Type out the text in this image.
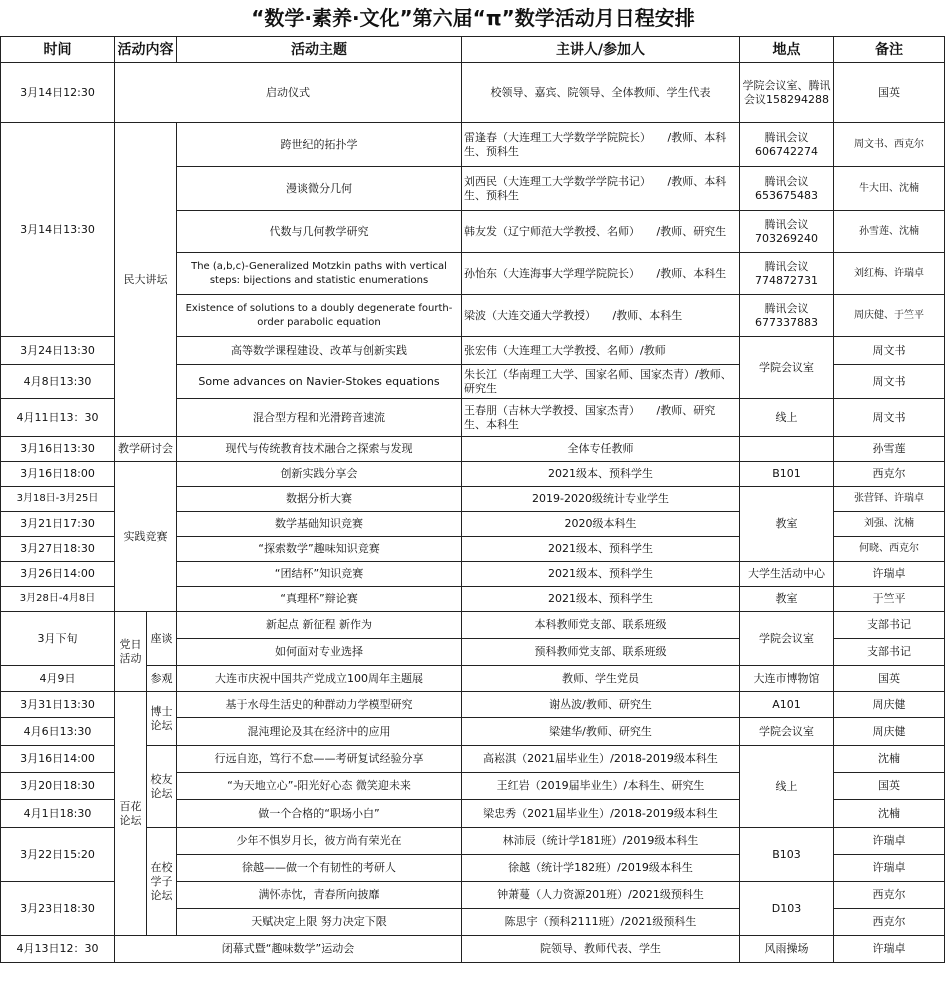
“数学·素养·文化”第六届“π”数学活动月日程安排
时间	活动内容		活动主题	主讲人/参加人	地点	备注
3月14日12:30	启动仪式			校领导、嘉宾、院领导、全体教师、学生代表	学院会议室、腾讯会议158294288	国英
3月14日13:30	民大讲坛		跨世纪的拓扑学	雷逢春（大连理工大学数学学院院长）　　/教师、本科生、预科生	腾讯会议606742274	周文书、西克尔
			漫谈微分几何	刘西民（大连理工大学数学学院书记）　　/教师、本科生、预科生	腾讯会议653675483	牛大田、沈楠
			代数与几何教学研究	韩友发（辽宁师范大学教授、名师）　　/教师、研究生	腾讯会议703269240	孙雪莲、沈楠
			The (a,b,c)-Generalized Motzkin paths with vertical steps: bijections and statistic enumerations	孙怡东（大连海事大学理学院院长）　　/教师、本科生	腾讯会议774872731	刘红梅、许瑞卓
			Existence of solutions to a doubly degenerate fourth-order parabolic equation	梁波（大连交通大学教授）　　/教师、本科生	腾讯会议677337883	周庆健、于竺平
3月24日13:30			高等数学课程建设、改革与创新实践	张宏伟（大连理工大学教授、名师）/教师	学院会议室	周文书
4月8日13:30			Some advances on Navier-Stokes equations	朱长江（华南理工大学、国家名师、国家杰青）/教师、研究生		周文书
4月11日13：30			混合型方程和光滑跨音速流	王春朋（吉林大学教授、国家杰青）　　/教师、研究生、本科生	线上	周文书
3月16日13:30	教学研讨会		现代与传统教育技术融合之探索与发现	全体专任教师		孙雪莲
3月16日18:00	实践竞赛		创新实践分享会	2021级本、预科学生	B101	西克尔
3月18日-3月25日			数据分析大赛	2019-2020级统计专业学生	教室	张营铎、许瑞卓
3月21日17:30			数学基础知识竞赛	2020级本科生		刘强、沈楠
3月27日18:30			“探索数学”趣味知识竞赛	2021级本、预科学生		何晓、西克尔
3月26日14:00			“团结杯”知识竞赛	2021级本、预科学生	大学生活动中心	许瑞卓
3月28日-4月8日			“真理杯”辩论赛	2021级本、预科学生	教室	于竺平
3月下旬	党日活动	座谈	新起点 新征程 新作为	本科教师党支部、联系班级	学院会议室	支部书记
			如何面对专业选择	预科教师党支部、联系班级		支部书记
4月9日		参观	大连市庆祝中国共产党成立100周年主题展	教师、学生党员	大连市博物馆	国英
3月31日13:30	百花论坛	博士论坛	基于水母生活史的种群动力学模型研究	谢丛波/教师、研究生	A101	周庆健
4月6日13:30			混沌理论及其在经济中的应用	梁建华/教师、研究生	学院会议室	周庆健
3月16日14:00		校友论坛	行远自迩，笃行不怠——考研复试经验分享	高崧淇（2021届毕业生）/2018-2019级本科生	线上	沈楠
3月20日18:30			“为天地立心”-阳光好心态 微笑迎未来	王红岩（2019届毕业生）/本科生、研究生		国英
4月1日18:30			做一个合格的“职场小白”	梁忠秀（2021届毕业生）/2018-2019级本科生		沈楠
3月22日15:20		在校学子论坛	少年不惧岁月长，彼方尚有荣光在	林沛辰（统计学181班）/2019级本科生	B103	许瑞卓
			徐越——做一个有韧性的考研人	徐越（统计学182班）/2019级本科生		许瑞卓
3月23日18:30			满怀赤忱，青春所向披靡	钟萧蔓（人力资源201班）/2021级预科生	D103	西克尔
			天赋决定上限 努力决定下限	陈思宇（预科2111班）/2021级预科生		西克尔
4月13日12：30	闭幕式暨“趣味数学”运动会			院领导、教师代表、学生	风雨操场	许瑞卓
